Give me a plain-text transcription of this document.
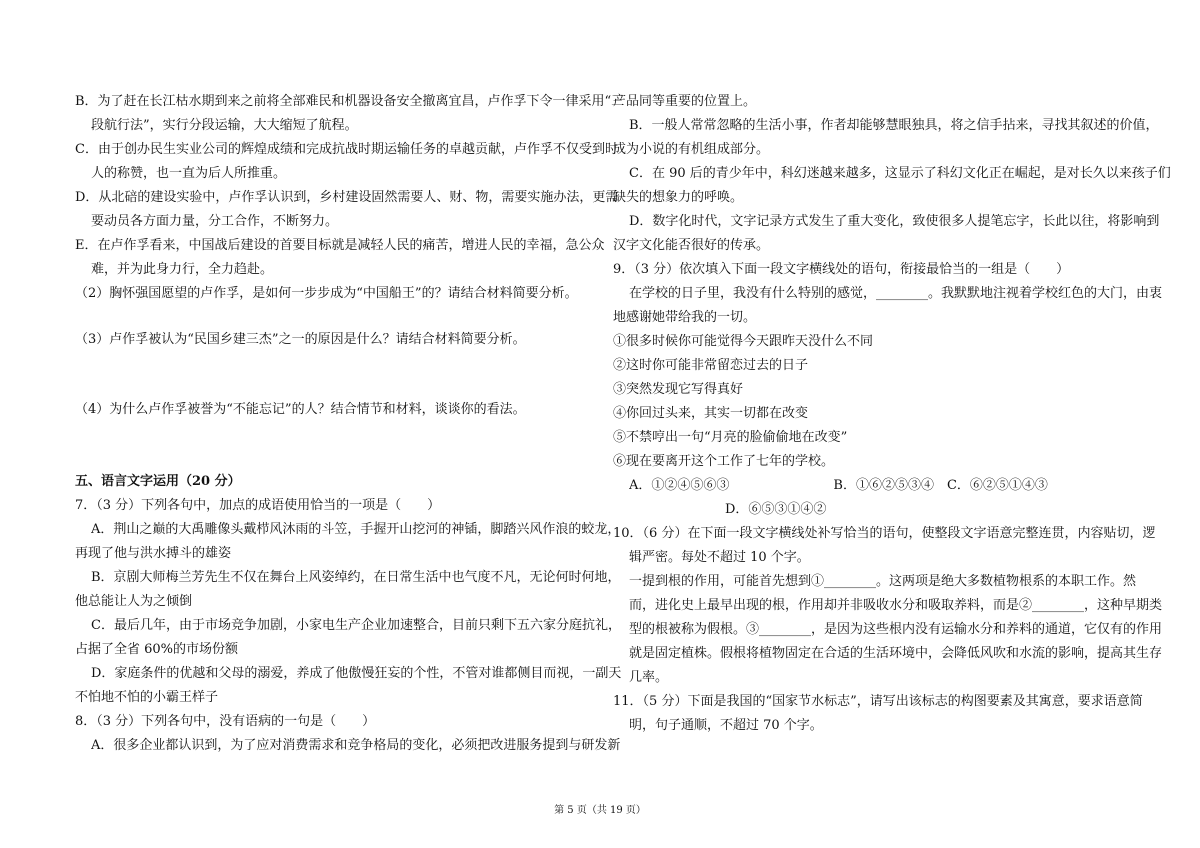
B．为了赶在长江枯水期到来之前将全部难民和机器设备安全撤离宜昌，卢作孚下令一律采用“三
段航行法”，实行分段运输，大大缩短了航程。
C．由于创办民生实业公司的辉煌成绩和完成抗战时期运输任务的卓越贡献，卢作孚不仅受到时
人的称赞，也一直为后人所推重。
D．从北碚的建设实验中，卢作孚认识到，乡村建设固然需要人、财、物，需要实施办法，更需
要动员各方面力量，分工合作，不断努力。
E．在卢作孚看来，中国战后建设的首要目标就是减轻人民的痛苦，增进人民的幸福，急公众
难，并为此身力行，全力趋赴。
（2）胸怀强国愿望的卢作孚，是如何一步步成为“中国船王”的？请结合材料简要分析。
（3）卢作孚被认为“民国乡建三杰”之一的原因是什么？请结合材料简要分析。
（4）为什么卢作孚被誉为“不能忘记”的人？结合情节和材料，谈谈你的看法。
五、语言文字运用（20 分）
7．（3 分）下列各句中，加点的成语使用恰当的一项是（　　）
A．荆山之巅的大禹雕像头戴栉风沐雨的斗笠，手握开山挖河的神锸，脚踏兴风作浪的蛟龙，
再现了他与洪水搏斗的雄姿
B．京剧大师梅兰芳先生不仅在舞台上风姿绰约，在日常生活中也气度不凡，无论何时何地，
他总能让人为之倾倒
C．最后几年，由于市场竞争加剧，小家电生产企业加速整合，目前只剩下五六家分庭抗礼，
占据了全省 60%的市场份额
D．家庭条件的优越和父母的溺爱，养成了他傲慢狂妄的个性，不管对谁都侧目而视，一副天
不怕地不怕的小霸王样子
8．（3 分）下列各句中，没有语病的一句是（　　）
A．很多企业都认识到，为了应对消费需求和竞争格局的变化，必须把改进服务提到与研发新
产品同等重要的位置上。
B．一般人常常忽略的生活小事，作者却能够慧眼独具，将之信手拈来，寻找其叙述的价值，
成为小说的有机组成部分。
C．在 90 后的青少年中，科幻迷越来越多，这显示了科幻文化正在崛起，是对长久以来孩子们
缺失的想象力的呼唤。
D．数字化时代，文字记录方式发生了重大变化，致使很多人提笔忘字，长此以往，将影响到
汉字文化能否很好的传承。
9．（3 分）依次填入下面一段文字横线处的语句，衔接最恰当的一组是（　　）
在学校的日子里，我没有什么特别的感觉，________。我默默地注视着学校红色的大门，由衷
地感谢她带给我的一切。
①很多时候你可能觉得今天跟昨天没什么不同
②这时你可能非常留恋过去的日子
③突然发现它写得真好
④你回过头来，其实一切都在改变
⑤不禁哼出一句“月亮的脸偷偷地在改变”
⑥现在要离开这个工作了七年的学校。
A．①②④⑤⑥③　　　　　　　　B．①⑥②⑤③④　C．⑥②⑤①④③
D．⑥⑤③①④②
10．（6 分）在下面一段文字横线处补写恰当的语句，使整段文字语意完整连贯，内容贴切，逻
辑严密。每处不超过 10 个字。
一提到根的作用，可能首先想到①________。这两项是绝大多数植物根系的本职工作。然
而，进化史上最早出现的根，作用却并非吸收水分和吸取养料，而是②________，这种早期类
型的根被称为假根。③________，是因为这些根内没有运输水分和养料的通道，它仅有的作用
就是固定植株。假根将植物固定在合适的生活环境中，会降低风吹和水流的影响，提高其生存
几率。
11．（5 分）下面是我国的“国家节水标志”，请写出该标志的构图要素及其寓意，要求语意简
明，句子通顺，不超过 70 个字。
第 5 页（共 19 页）
